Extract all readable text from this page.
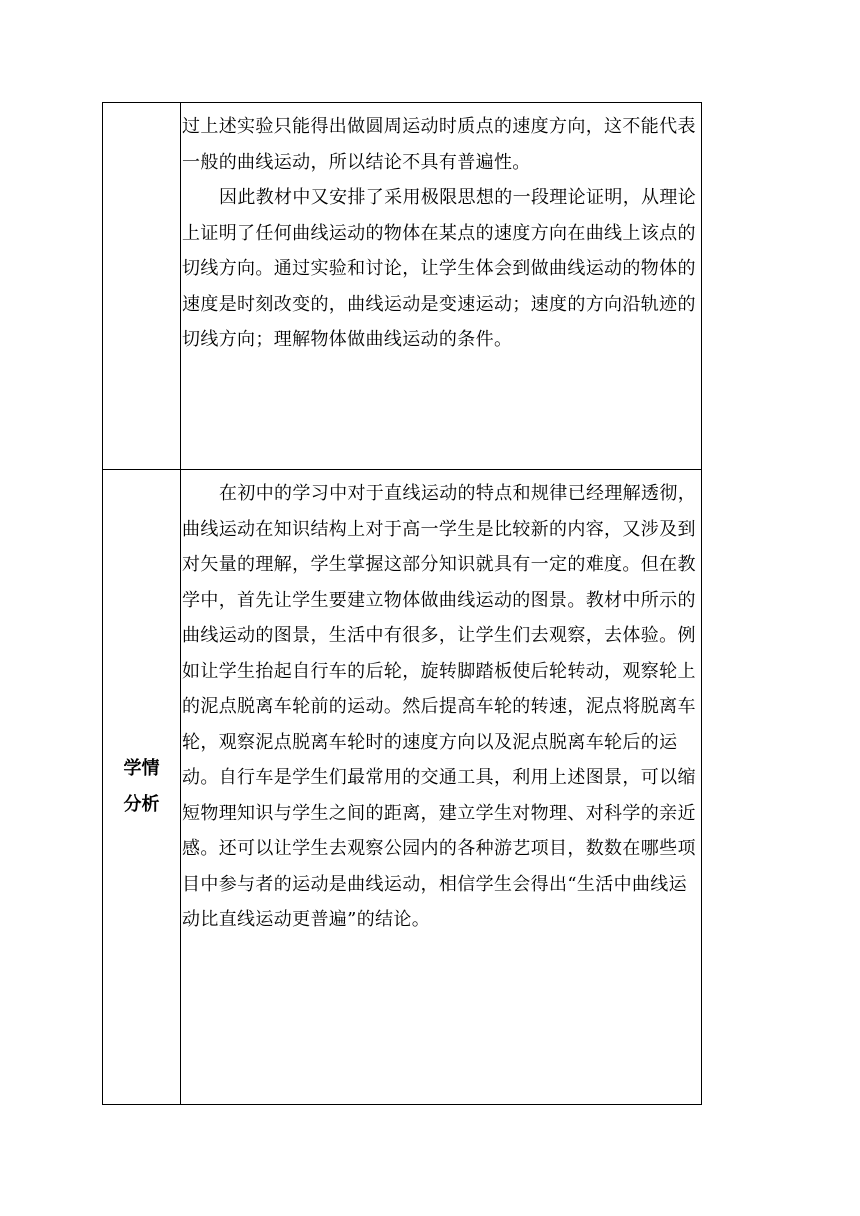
	过上述实验只能得出做圆周运动时质点的速度方向，这不能代表一般的曲线运动，所以结论不具有普遍性。

因此教材中又安排了采用极限思想的一段理论证明，从理论上证明了任何曲线运动的物体在某点的速度方向在曲线上该点的切线方向。通过实验和讨论，让学生体会到做曲线运动的物体的速度是时刻改变的，曲线运动是变速运动；速度的方向沿轨迹的切线方向；理解物体做曲线运动的条件。

学情
分析	在初中的学习中对于直线运动的特点和规律已经理解透彻，曲线运动在知识结构上对于高一学生是比较新的内容，又涉及到对矢量的理解，学生掌握这部分知识就具有一定的难度。但在教学中，首先让学生要建立物体做曲线运动的图景。教材中所示的曲线运动的图景，生活中有很多，让学生们去观察，去体验。例如让学生抬起自行车的后轮，旋转脚踏板使后轮转动，观察轮上的泥点脱离车轮前的运动。然后提高车轮的转速，泥点将脱离车轮，观察泥点脱离车轮时的速度方向以及泥点脱离车轮后的运动。自行车是学生们最常用的交通工具，利用上述图景，可以缩短物理知识与学生之间的距离，建立学生对物理、对科学的亲近感。还可以让学生去观察公园内的各种游艺项目，数数在哪些项目中参与者的运动是曲线运动，相信学生会得出“生活中曲线运动比直线运动更普遍”的结论。
